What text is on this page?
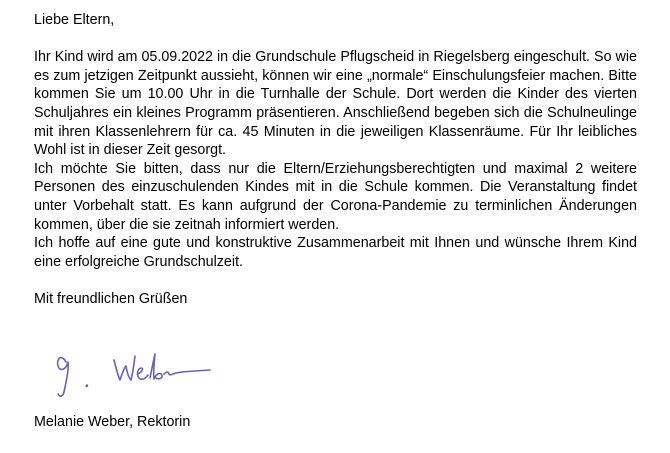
Liebe Eltern,

Ihr Kind wird am 05.09.2022 in die Grundschule Pflugscheid in Riegelsberg eingeschult. So wie es zum jetzigen Zeitpunkt aussieht, können wir eine „normale“ Einschulungsfeier machen. Bitte kommen Sie um 10.00 Uhr in die Turnhalle der Schule. Dort werden die Kinder des vierten Schuljahres ein kleines Programm präsentieren. Anschließend begeben sich die Schulneulinge mit ihren Klassenlehrern für ca. 45 Minuten in die jeweiligen Klassenräume. Für Ihr leibliches Wohl ist in dieser Zeit gesorgt.
Ich möchte Sie bitten, dass nur die Eltern/Erziehungsberechtigten und maximal 2 weitere Personen des einzuschulenden Kindes mit in die Schule kommen. Die Veranstaltung findet unter Vorbehalt statt. Es kann aufgrund der Corona-Pandemie zu terminlichen Änderungen kommen, über die sie zeitnah informiert werden.
Ich hoffe auf eine gute und konstruktive Zusammenarbeit mit Ihnen und wünsche Ihrem Kind eine erfolgreiche Grundschulzeit.

Mit freundlichen Grüßen

Melanie Weber, Rektorin
